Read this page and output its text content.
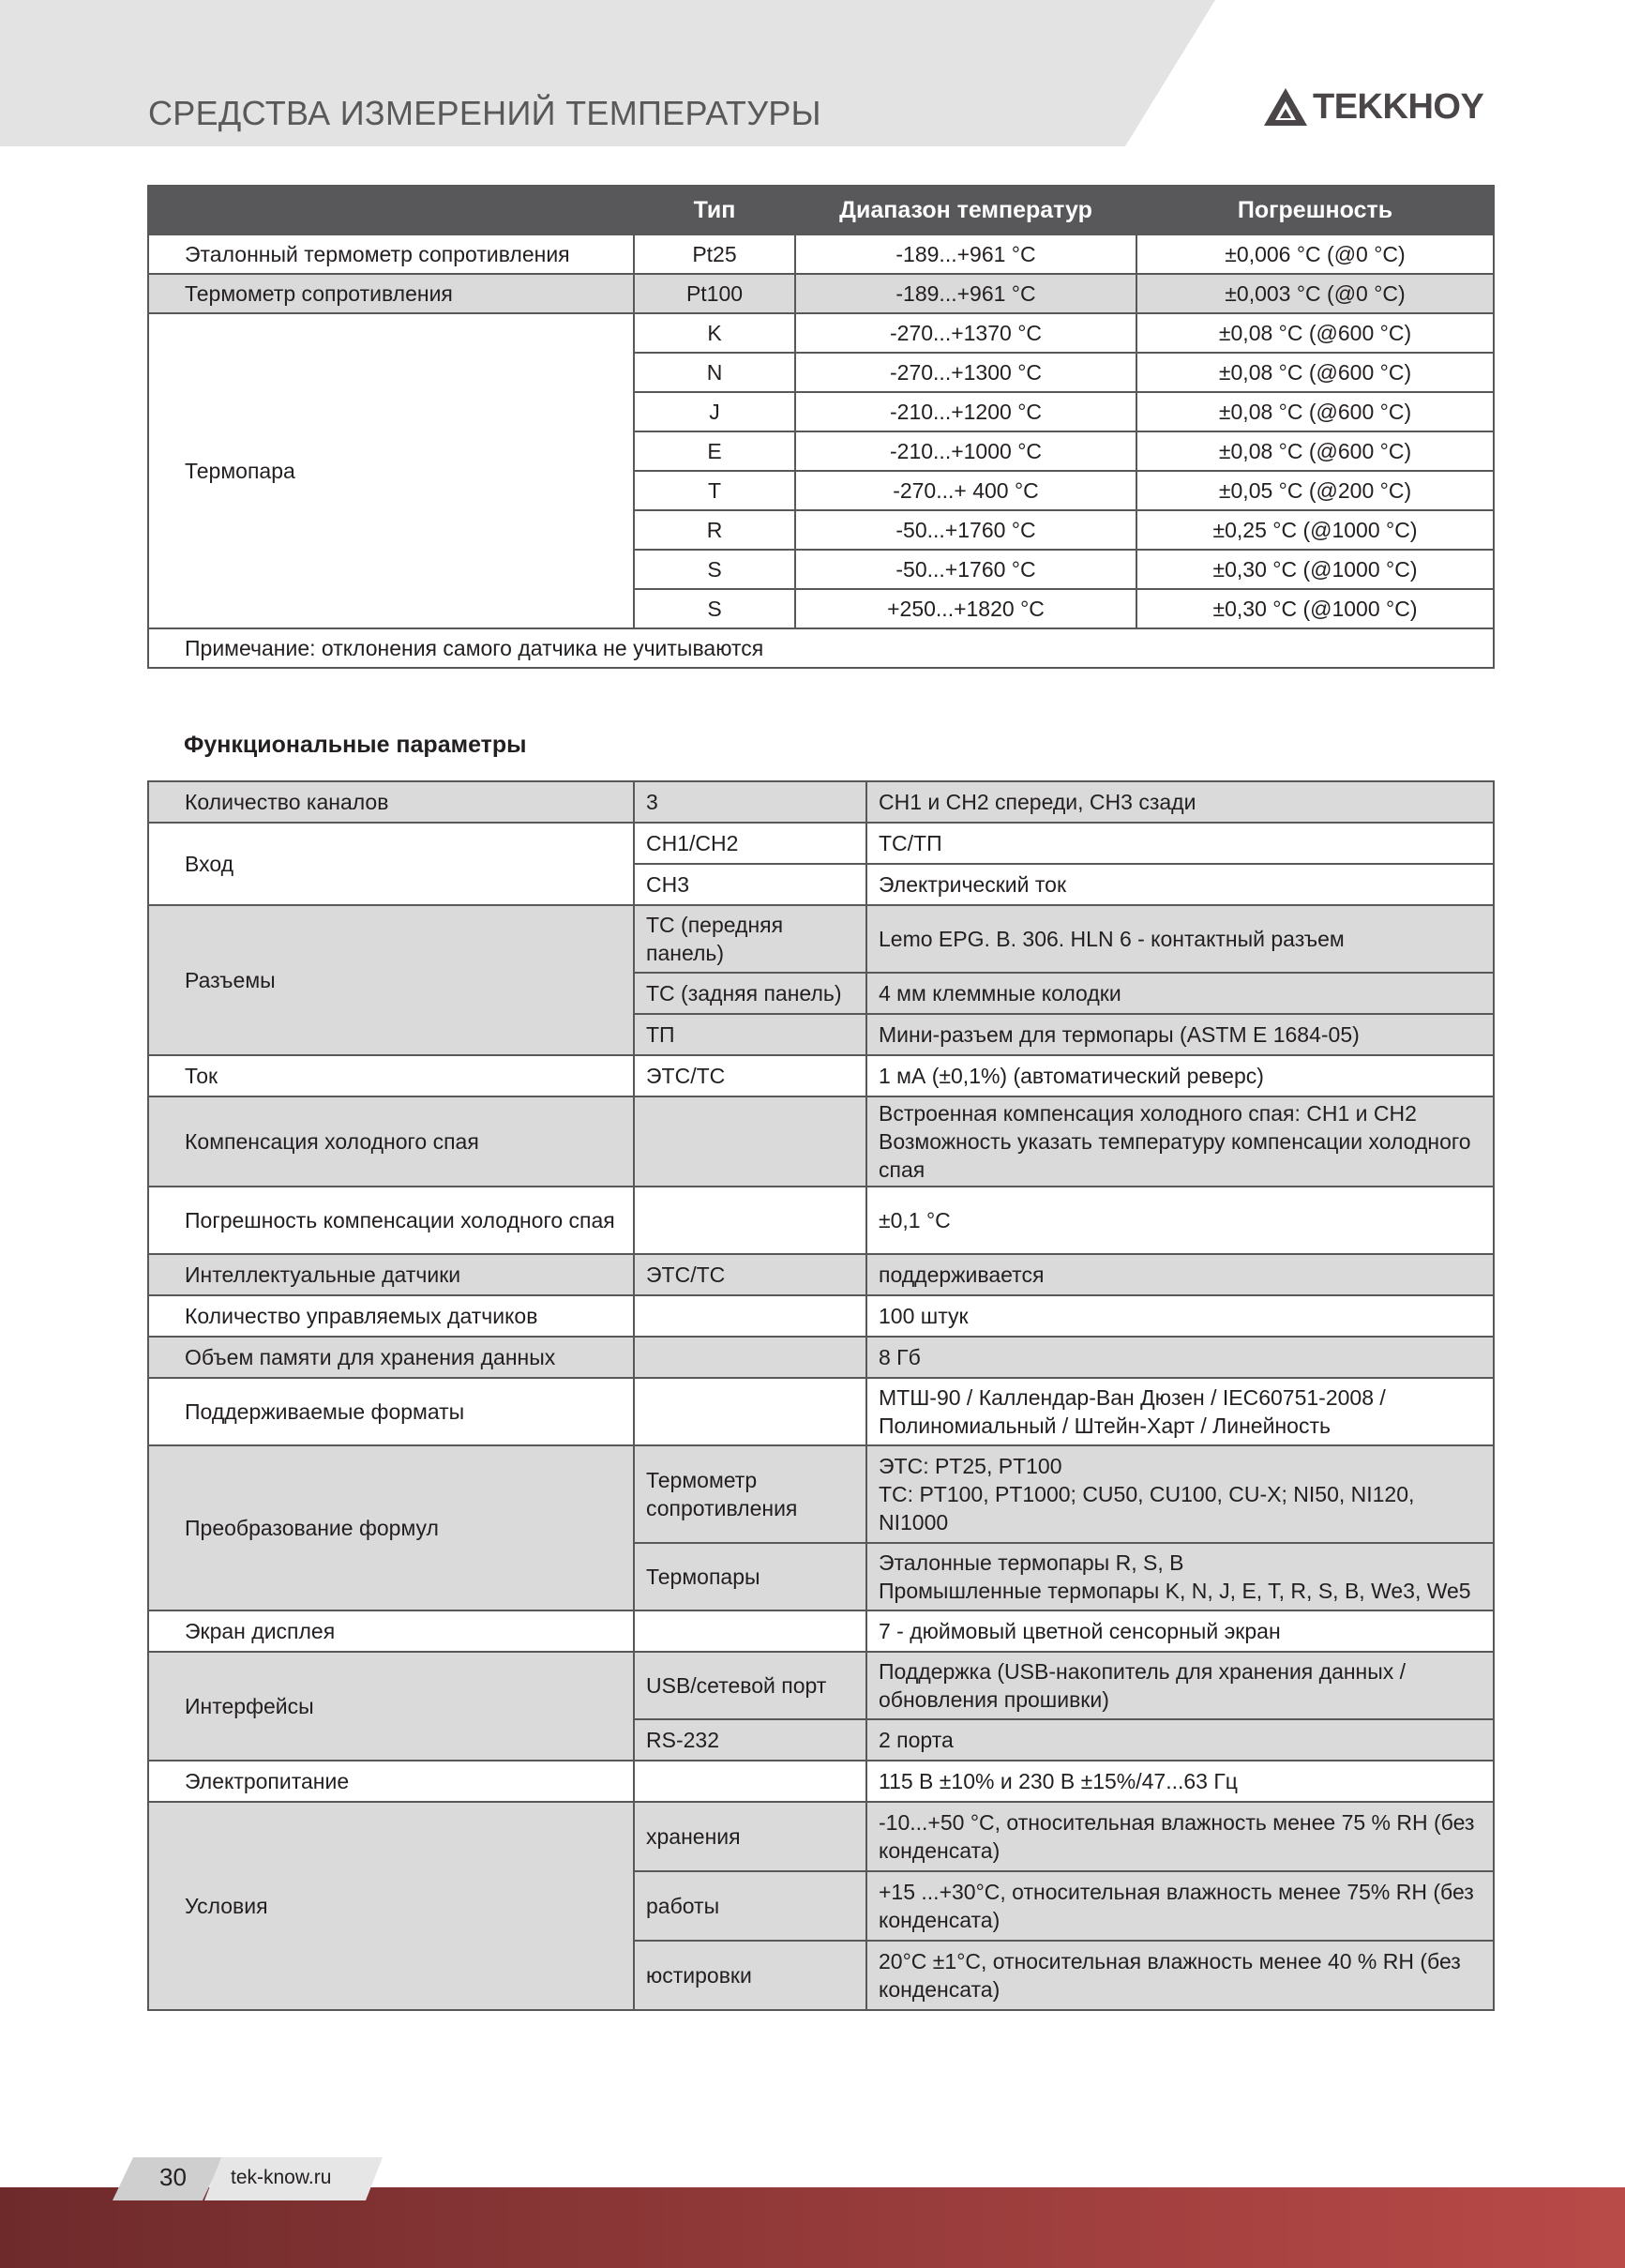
СРЕДСТВА ИЗМЕРЕНИЙ ТЕМПЕРАТУРЫ	TEKKHOY
	Тип	Диапазон температур	Погрешность
Эталонный термометр сопротивления	Pt25	-189...+961 °C	±0,006 °C (@0 °C)
Термометр сопротивления	Pt100	-189...+961 °C	±0,003 °C (@0 °C)
Термопара	K	-270...+1370 °C	±0,08 °C (@600 °C)
	N	-270...+1300 °C	±0,08 °C (@600 °C)
	J	-210...+1200 °C	±0,08 °C (@600 °C)
	E	-210...+1000 °C	±0,08 °C (@600 °C)
	T	-270...+ 400 °C	±0,05 °C (@200 °C)
	R	-50...+1760 °C	±0,25 °C (@1000 °C)
	S	-50...+1760 °C	±0,30 °C (@1000 °C)
	S	+250...+1820 °C	±0,30 °C (@1000 °C)
Примечание: отклонения самого датчика не учитываются			
Функциональные параметры
Количество каналов	3	CH1 и CH2 спереди, CH3 сзади
Вход	CH1/CH2	ТС/ТП
	CH3	Электрический ток
Разъемы	ТС (передняя панель)	Lemo EPG. B. 306. HLN 6 - контактный разъем
	ТС (задняя панель)	4 мм клеммные колодки
	ТП	Мини-разъем для термопары (ASTM E 1684-05)
Ток	ЭТС/ТС	1 мА (±0,1%) (автоматический реверс)
Компенсация холодного спая		Встроенная компенсация холодного спая: CH1 и CH2
Возможность указать температуру компенсации холодного спая

Погрешность компенсации холодного спая		±0,1 °C
Интеллектуальные датчики	ЭТС/ТС	поддерживается
Количество управляемых датчиков		100 штук
Объем памяти для хранения данных		8 Гб
Поддерживаемые форматы		МТШ-90 / Каллендар-Ван Дюзен / IEC60751-2008 / Полиномиальный / Штейн-Харт / Линейность
Преобразование формул	Термометр сопротивления	ЭТС: PT25, PT100
ТС: PT100, PT1000; CU50, CU100, CU-X; NI50, NI120, NI1000

	Термопары	Эталонные термопары R, S, B
Промышленные термопары K, N, J, E, T, R, S, B, We3, We5

Экран дисплея		7 - дюймовый цветной сенсорный экран
Интерфейсы	USB/сетевой порт	Поддержка (USB-накопитель для хранения данных / обновления прошивки)
	RS-232	2 порта
Электропитание		115 В ±10% и 230 В ±15%/47...63 Гц
Условия	хранения	-10...+50 °C, относительная влажность менее 75 % RH (без конденсата)
	работы	+15 ...+30°C, относительная влажность менее 75% RH (без конденсата)
	юстировки	20°C ±1°C, относительная влажность менее 40 % RH (без конденсата)
30 tek-know.ru
